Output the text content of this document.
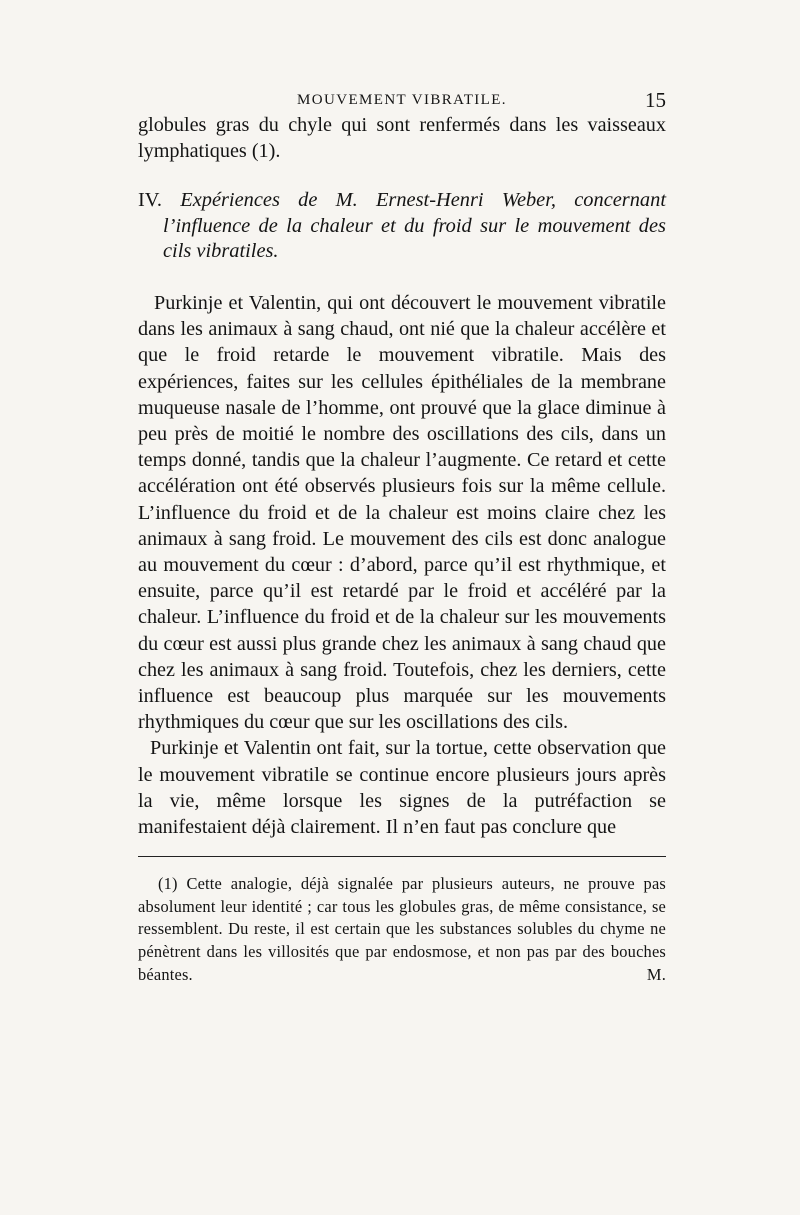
MOUVEMENT VIBRATILE.	15

globules gras du chyle qui sont renfermés dans les vaisseaux lymphatiques (1).

IV. Expériences de M. Ernest-Henri Weber, concernant l’influence de la chaleur et du froid sur le mouvement des cils vibratiles.

Purkinje et Valentin, qui ont découvert le mouvement vibratile dans les animaux à sang chaud, ont nié que la chaleur accélère et que le froid retarde le mouvement vibratile. Mais des expériences, faites sur les cellules épithéliales de la membrane muqueuse nasale de l’homme, ont prouvé que la glace diminue à peu près de moitié le nombre des oscillations des cils, dans un temps donné, tandis que la chaleur l’augmente. Ce retard et cette accélération ont été observés plusieurs fois sur la même cellule. L’influence du froid et de la chaleur est moins claire chez les animaux à sang froid. Le mouvement des cils est donc analogue au mouvement du cœur : d’abord, parce qu’il est rhythmique, et ensuite, parce qu’il est retardé par le froid et accéléré par la chaleur. L’influence du froid et de la chaleur sur les mouvements du cœur est aussi plus grande chez les animaux à sang chaud que chez les animaux à sang froid. Toutefois, chez les derniers, cette influence est beaucoup plus marquée sur les mouvements rhythmiques du cœur que sur les oscillations des cils.

Purkinje et Valentin ont fait, sur la tortue, cette observation que le mouvement vibratile se continue encore plusieurs jours après la vie, même lorsque les signes de la putréfaction se manifestaient déjà clairement. Il n’en faut pas conclure que

(1) Cette analogie, déjà signalée par plusieurs auteurs, ne prouve pas absolument leur identité ; car tous les globules gras, de même consistance, se ressemblent. Du reste, il est certain que les substances solubles du chyme ne pénètrent dans les villosités que par endosmose, et non pas par des bouches béantes.	M.
